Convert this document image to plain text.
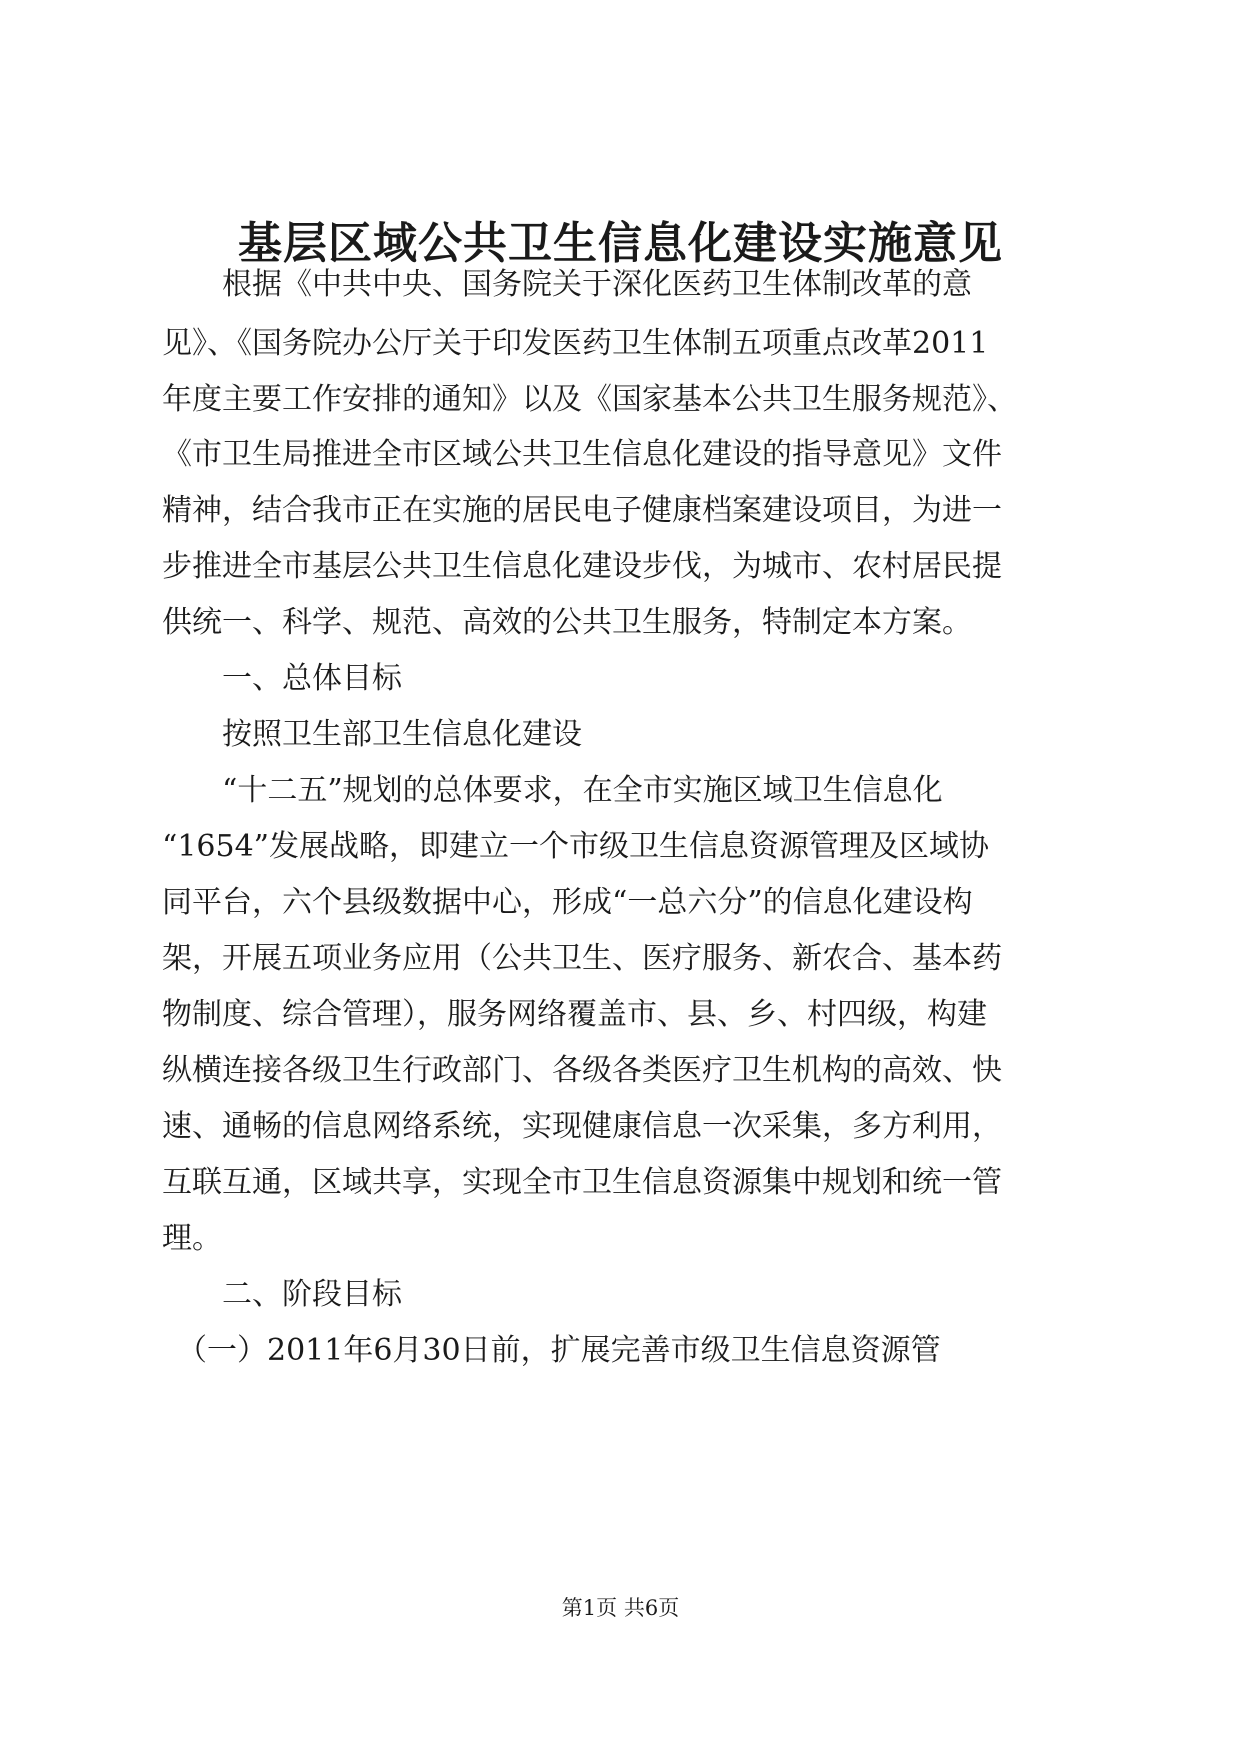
基层区域公共卫生信息化建设实施意见

　　根据《中共中央、国务院关于深化医药卫生体制改革的意

见》、《国务院办公厅关于印发医药卫生体制五项重点改革2011

年度主要工作安排的通知》以及《国家基本公共卫生服务规范》、

《市卫生局推进全市区域公共卫生信息化建设的指导意见》文件

精神，结合我市正在实施的居民电子健康档案建设项目，为进一

步推进全市基层公共卫生信息化建设步伐，为城市、农村居民提

供统一、科学、规范、高效的公共卫生服务，特制定本方案。

　　一、总体目标

　　按照卫生部卫生信息化建设

　　“十二五”规划的总体要求，在全市实施区域卫生信息化

“1654”发展战略，即建立一个市级卫生信息资源管理及区域协

同平台，六个县级数据中心，形成“一总六分”的信息化建设构

架，开展五项业务应用（公共卫生、医疗服务、新农合、基本药

物制度、综合管理），服务网络覆盖市、县、乡、村四级，构建

纵横连接各级卫生行政部门、各级各类医疗卫生机构的高效、快

速、通畅的信息网络系统，实现健康信息一次采集，多方利用，

互联互通，区域共享，实现全市卫生信息资源集中规划和统一管

理。

　　二、阶段目标

　（一）2011年6月30日前，扩展完善市级卫生信息资源管

第1页 共6页
